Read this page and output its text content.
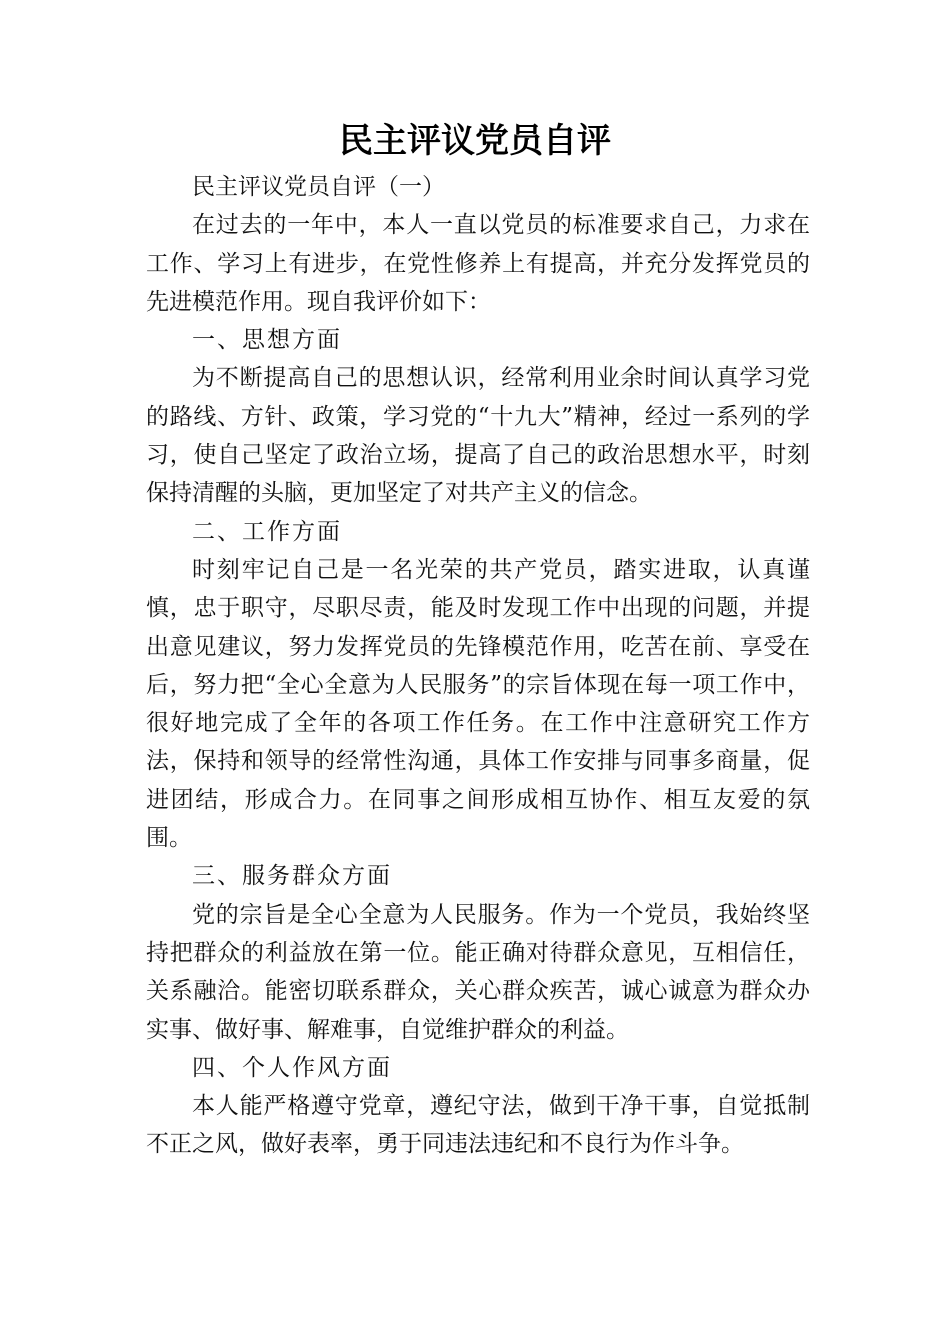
民主评议党员自评

民主评议党员自评（一）

在过去的一年中，本人一直以党员的标准要求自己，力求在工作、学习上有进步，在党性修养上有提高，并充分发挥党员的先进模范作用。现自我评价如下：

一、思想方面

为不断提高自己的思想认识，经常利用业余时间认真学习党的路线、方针、政策，学习党的“十九大”精神，经过一系列的学习，使自己坚定了政治立场，提高了自己的政治思想水平，时刻保持清醒的头脑，更加坚定了对共产主义的信念。

二、工作方面

时刻牢记自己是一名光荣的共产党员，踏实进取，认真谨慎，忠于职守，尽职尽责，能及时发现工作中出现的问题，并提出意见建议，努力发挥党员的先锋模范作用，吃苦在前、享受在后，努力把“全心全意为人民服务”的宗旨体现在每一项工作中，很好地完成了全年的各项工作任务。在工作中注意研究工作方法，保持和领导的经常性沟通，具体工作安排与同事多商量，促进团结，形成合力。在同事之间形成相互协作、相互友爱的氛围。

三、服务群众方面

党的宗旨是全心全意为人民服务。作为一个党员，我始终坚持把群众的利益放在第一位。能正确对待群众意见，互相信任，关系融洽。能密切联系群众，关心群众疾苦，诚心诚意为群众办实事、做好事、解难事，自觉维护群众的利益。

四、个人作风方面

本人能严格遵守党章，遵纪守法，做到干净干事，自觉抵制不正之风，做好表率，勇于同违法违纪和不良行为作斗争。
